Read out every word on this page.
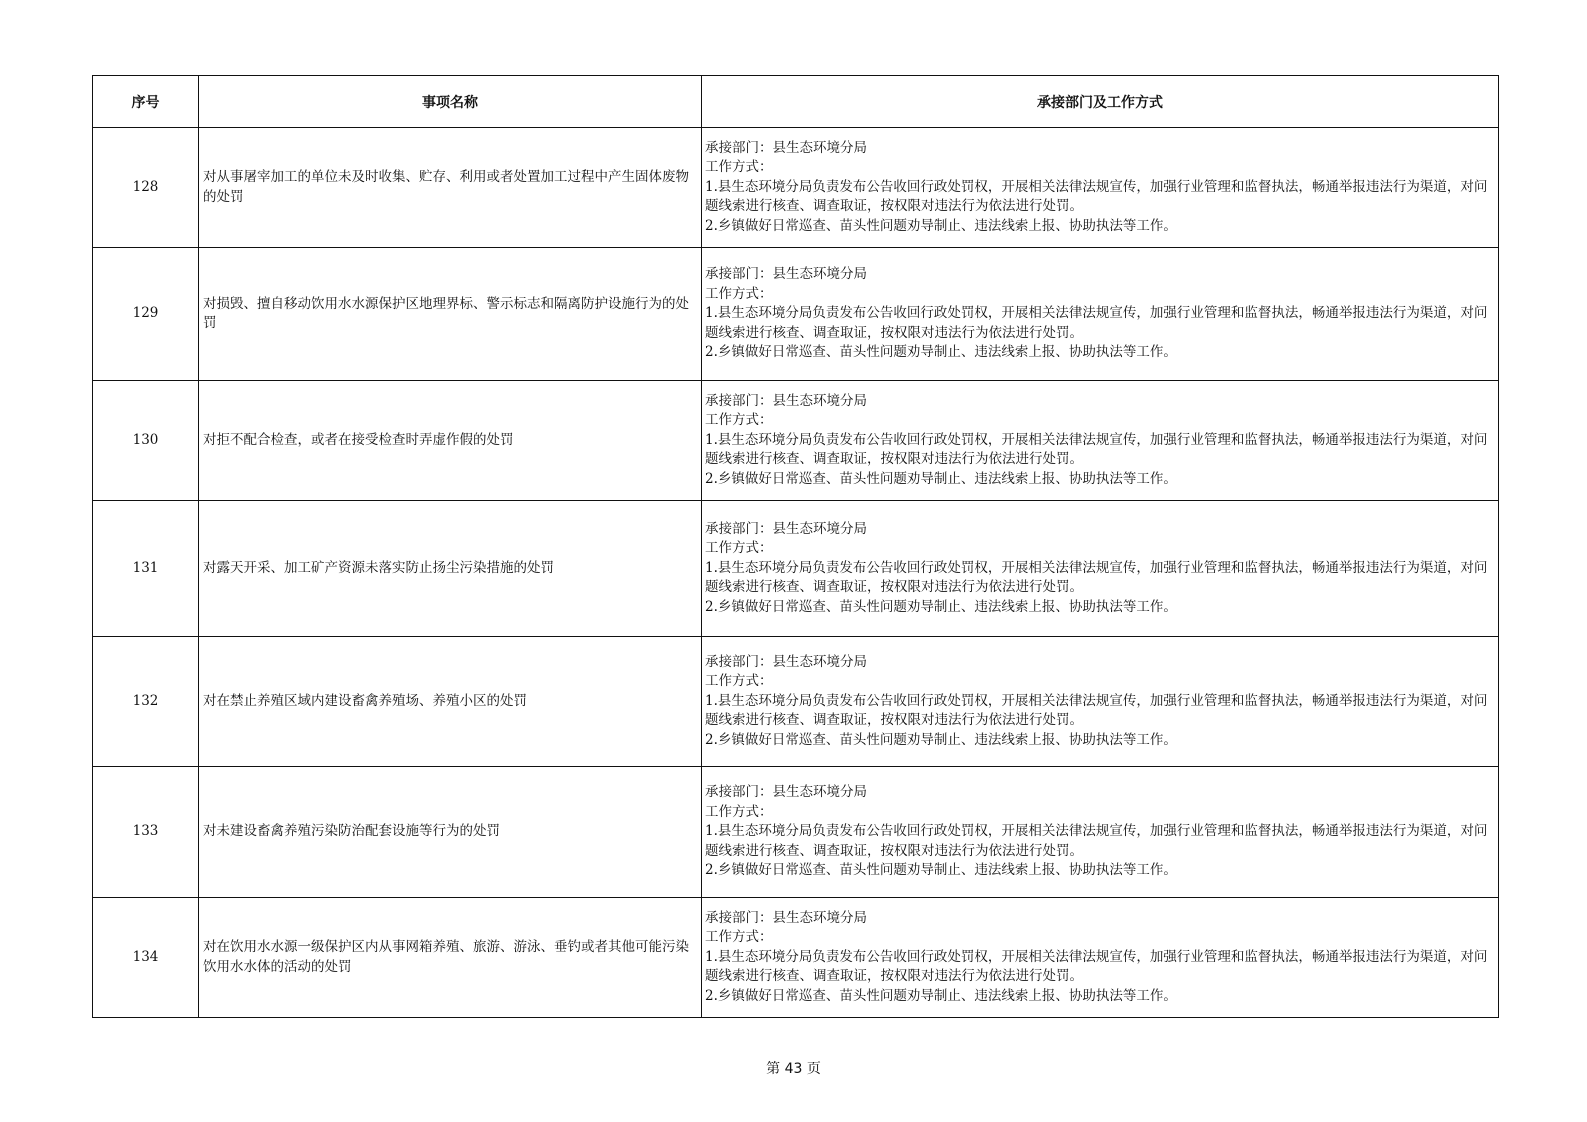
序号	事项名称	承接部门及工作方式
128	对从事屠宰加工的单位未及时收集、贮存、利用或者处置加工过程中产生固体废物的处罚	承接部门：县生态环境分局
工作方式：
1.县生态环境分局负责发布公告收回行政处罚权，开展相关法律法规宣传，加强行业管理和监督执法，畅通举报违法行为渠道，对问题线索进行核查、调查取证，按权限对违法行为依法进行处罚。
2.乡镇做好日常巡查、苗头性问题劝导制止、违法线索上报、协助执法等工作。

129	对损毁、擅自移动饮用水水源保护区地理界标、警示标志和隔离防护设施行为的处罚	承接部门：县生态环境分局
工作方式：
1.县生态环境分局负责发布公告收回行政处罚权，开展相关法律法规宣传，加强行业管理和监督执法，畅通举报违法行为渠道，对问题线索进行核查、调查取证，按权限对违法行为依法进行处罚。
2.乡镇做好日常巡查、苗头性问题劝导制止、违法线索上报、协助执法等工作。

130	对拒不配合检查，或者在接受检查时弄虚作假的处罚	承接部门：县生态环境分局
工作方式：
1.县生态环境分局负责发布公告收回行政处罚权，开展相关法律法规宣传，加强行业管理和监督执法，畅通举报违法行为渠道，对问题线索进行核查、调查取证，按权限对违法行为依法进行处罚。
2.乡镇做好日常巡查、苗头性问题劝导制止、违法线索上报、协助执法等工作。

131	对露天开采、加工矿产资源未落实防止扬尘污染措施的处罚	承接部门：县生态环境分局
工作方式：
1.县生态环境分局负责发布公告收回行政处罚权，开展相关法律法规宣传，加强行业管理和监督执法，畅通举报违法行为渠道，对问题线索进行核查、调查取证，按权限对违法行为依法进行处罚。
2.乡镇做好日常巡查、苗头性问题劝导制止、违法线索上报、协助执法等工作。

132	对在禁止养殖区域内建设畜禽养殖场、养殖小区的处罚	承接部门：县生态环境分局
工作方式：
1.县生态环境分局负责发布公告收回行政处罚权，开展相关法律法规宣传，加强行业管理和监督执法，畅通举报违法行为渠道，对问题线索进行核查、调查取证，按权限对违法行为依法进行处罚。
2.乡镇做好日常巡查、苗头性问题劝导制止、违法线索上报、协助执法等工作。

133	对未建设畜禽养殖污染防治配套设施等行为的处罚	承接部门：县生态环境分局
工作方式：
1.县生态环境分局负责发布公告收回行政处罚权，开展相关法律法规宣传，加强行业管理和监督执法，畅通举报违法行为渠道，对问题线索进行核查、调查取证，按权限对违法行为依法进行处罚。
2.乡镇做好日常巡查、苗头性问题劝导制止、违法线索上报、协助执法等工作。

134	对在饮用水水源一级保护区内从事网箱养殖、旅游、游泳、垂钓或者其他可能污染饮用水水体的活动的处罚	承接部门：县生态环境分局
工作方式：
1.县生态环境分局负责发布公告收回行政处罚权，开展相关法律法规宣传，加强行业管理和监督执法，畅通举报违法行为渠道，对问题线索进行核查、调查取证，按权限对违法行为依法进行处罚。
2.乡镇做好日常巡查、苗头性问题劝导制止、违法线索上报、协助执法等工作。
第 43 页
